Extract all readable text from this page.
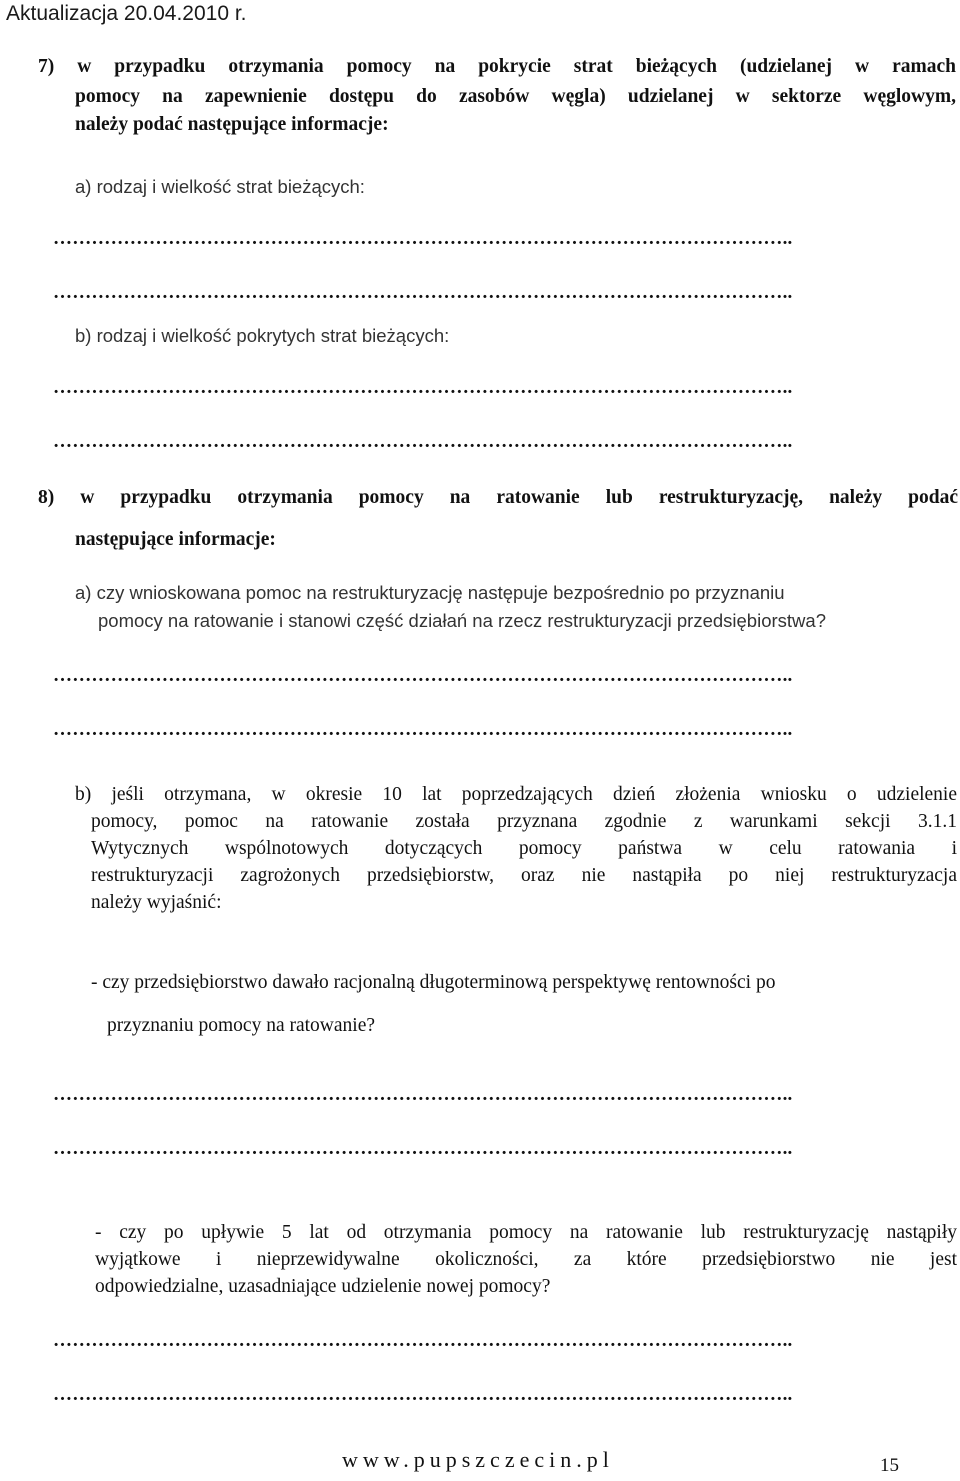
Aktualizacja 20.04.2010 r.
7) w przypadku otrzymania pomocy na pokrycie strat bieżących (udzielanej w ramach
pomocy na zapewnienie dostępu do zasobów węgla) udzielanej w sektorze węglowym,
należy podać następujące informacje:
a) rodzaj i wielkość strat bieżących:
……………………………………………………………………………………………………..
……………………………………………………………………………………………………..
b) rodzaj i wielkość pokrytych strat bieżących:
……………………………………………………………………………………………………..
……………………………………………………………………………………………………..
8) w przypadku otrzymania pomocy na ratowanie lub restrukturyzację, należy podać
następujące informacje:
a) czy wnioskowana pomoc na restrukturyzację następuje bezpośrednio po przyznaniu
pomocy na ratowanie i stanowi część działań na rzecz restrukturyzacji przedsiębiorstwa?
……………………………………………………………………………………………………..
……………………………………………………………………………………………………..
b) jeśli otrzymana, w okresie 10 lat poprzedzających dzień złożenia wniosku o udzielenie
pomocy, pomoc na ratowanie została przyznana zgodnie z warunkami sekcji 3.1.1
Wytycznych wspólnotowych dotyczących pomocy państwa w celu ratowania i
restrukturyzacji zagrożonych przedsiębiorstw, oraz nie nastąpiła po niej restrukturyzacja
należy wyjaśnić:
- czy przedsiębiorstwo dawało racjonalną długoterminową perspektywę rentowności po
przyznaniu pomocy na ratowanie?
……………………………………………………………………………………………………..
……………………………………………………………………………………………………..
- czy po upływie 5 lat od otrzymania pomocy na ratowanie lub restrukturyzację nastąpiły
wyjątkowe i nieprzewidywalne okoliczności, za które przedsiębiorstwo nie jest
odpowiedzialne, uzasadniające udzielenie nowej pomocy?
……………………………………………………………………………………………………..
……………………………………………………………………………………………………..
www.pupszczecin.pl	15
